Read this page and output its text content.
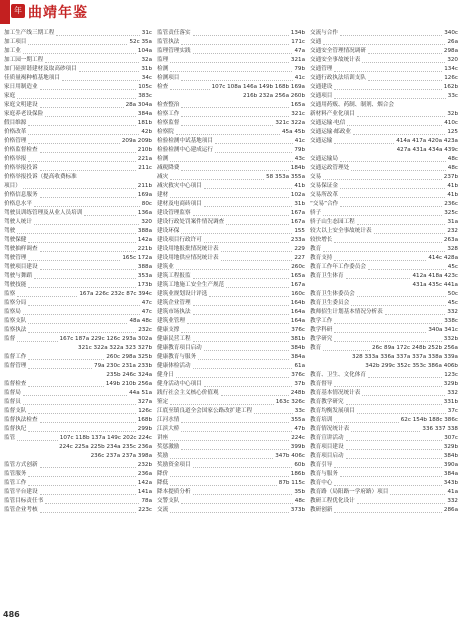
年鉴
曲靖年鉴
加工生产线三期工程	31c
加工项目	52c 35a
加工业	104a
加工园一期工程	32a
加门硅拼谐建材及取高砂项目	31b
佳质量褐种植基地项目	34c
家日用制造业	105c
家庭	383c
家庭文明建设	28a 304a
家庭养老设保险	384a
假目维源	181b
价格改革	42b
价格管理	209a 209b
价格监督检查	210b
价格举报	221a
价格举报投诉	211c
价格举报投诉（提高收费标准
项目）	211b
价格信息服务	169a
价格总水平	80c
驾驶员训练管理及从业人员培训	136a
驾驶人统计	320
驾驶	388a
驾驶保健	142a
驾驶抽样调查	221b
驾驶管理	165c 172a
驾驶项目建设	388a
驾驶与舞蹈	353a
驾驶技能	173b
监察	167a 226c 232c 87c 394c
监察分局	47c
监察局	47c
监察支队	48a 48c
监察执法	232c
监督	167c 187a 229c 126c 293a 302a
321c 322a 322a 323 327b
监督工作	260c 298a 325b
监督管理	79a 230c 231a 233b
235b 246c 324a
监督检查	149b 210b 256a
监督局	44a 51a
监督员	327a
监督支队	126c
监督执法检查	168b
监督执纪	299b
监管	107c 118b 137a 149c 202c 224c
224c 225a 225b 234a 235c 236a
236c 237a 237a 398a
监管方式创新	232b
监管服务	236a
监管工作	142a
监管平台建设	141a
监管目标责任书	78a
监管企业考核	223c
监管责任落实	134b
监管执法	171c
监理管理实践	47a
监理	321a
检测	79b
检测项目	41c
检查	107c 108a 146a 149b 168b 169a
216b 232a 256a 260b
检查整治	165a
检察工作	321c
检察监督	321c 322a
检察院	45a 45b
检验检测中试基地项目	41c
检验检测中心建成运行	79b
检测	43c
减税降费	184b
减灾	58 353a 355a
减灾救灾中心项目	41b
建材	102a
建材及电商砖项目	31b
建设管理监察	167a
建设行政处罚案件情况调查	167a
建设环保	155
建设项目行政许可	233a
建设用地报批情况统计表	229
建设用地供应情况统计表	227
建筑业	260c
建筑工程报监	165a
建筑工地施工安全生产规范	167a
建筑业规划设计评选	160c
建筑企业管理	164b
建筑市场执法	164a
建筑业管理	164a
健康支撑	376c
健康民营工程	381b
健康教育项目启动	384b
健康教育与服务	384a
健康体检活动	61a
健身日	376c
健身活动中心项目	37b
践行社会主义核心价值观	248b
鉴定	163c 326c
江底至镇良道全会国家公路改扩建工程	33c
江河水情	355a
江滨大桥	47b
讲座	224c
奖惩激励	399b
奖励	347b 406c
奖励资金项目	60b
降价	186b
降低	87b 115c
降本提质分析	35b
交警支队	48c
交流	373b
交流与合作	340c
交通	26a
交通安全管理情况调研	298a
交通安全事故统计表	320
交通管理	134c
交通行政执法培训支队	126c
交通建设	162b
交通项目	33c
交通用药贩、药制、制剂、烟合会
新材料产业化项目	32b
交通运输·电信	410c
交通运输·邮政业	125
交通运输	414a 417a 420a 423a
427a 431a 434a 439c
交通运输局	48c
交通运政管理处	48c
交易	237b
交易保证金	41b
交易所改革	41b
“交易”合作	236c
骄子	325c
骄子山生态园工程	31a
较大以上安全事故统计表	232
较快增长	263a
教育	328
教育支持	414c 428a
教育工作年工作委员会	45c
教育卫生体育	412a 418a 423c
431a 435c 441a
教育卫生体委员会	50c
教育卫生委员会	45c
教师招生计划基本情况分析表	332
教学工作	338c
教学科研	340a 341c
教学研究	332b
教育	26c 89a 172c 248b 252b 256a
328 333a 336a 337a 337a 338a 339a
342b 299c 352c 353c 386a 406b
教育、卫生、文化体育	123c
教育督导	329b
教育基本情况统计表	332
教育教学研究	331b
教育均衡发展项目	37c
教育培训	62c 154b 188c 386c
教育情况统计表	336 337 338
教育宣讲活动	307c
教育项目建设	329b
教育项目启动	384b
教育引导	390a
教育与服务	384a
教育中心	343b
教育路（局阳路一学府路）项目	41a
教研工程优化设计	332
教研创新	286a
486
